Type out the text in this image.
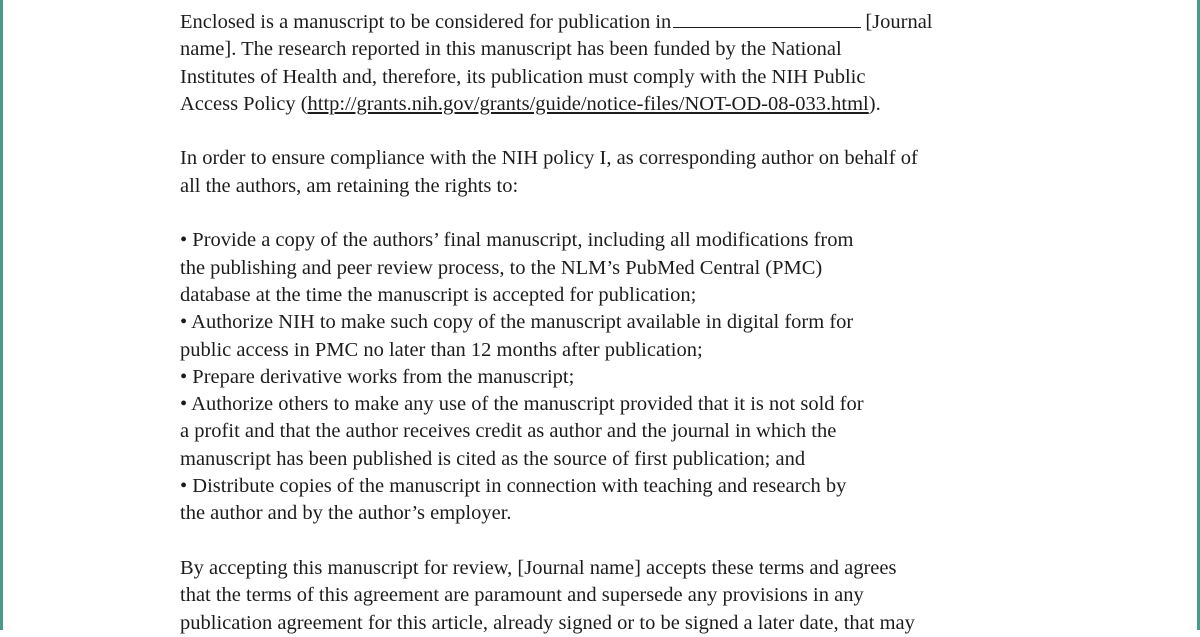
Enclosed is a manuscript to be considered for publication in	[Journal
name]. The research reported in this manuscript has been funded by the National
Institutes of Health and, therefore, its publication must comply with the NIH Public
Access Policy (http://grants.nih.gov/grants/guide/notice-files/NOT-OD-08-033.html).
In order to ensure compliance with the NIH policy I, as corresponding author on behalf of
all the authors, am retaining the rights to:
• Provide a copy of the authors’ final manuscript, including all modifications from
the publishing and peer review process, to the NLM’s PubMed Central (PMC)
database at the time the manuscript is accepted for publication;
• Authorize NIH to make such copy of the manuscript available in digital form for
public access in PMC no later than 12 months after publication;
• Prepare derivative works from the manuscript;
• Authorize others to make any use of the manuscript provided that it is not sold for
a profit and that the author receives credit as author and the journal in which the
manuscript has been published is cited as the source of first publication; and
• Distribute copies of the manuscript in connection with teaching and research by
the author and by the author’s employer.
By accepting this manuscript for review, [Journal name] accepts these terms and agrees
that the terms of this agreement are paramount and supersede any provisions in any
publication agreement for this article, already signed or to be signed a later date, that may
